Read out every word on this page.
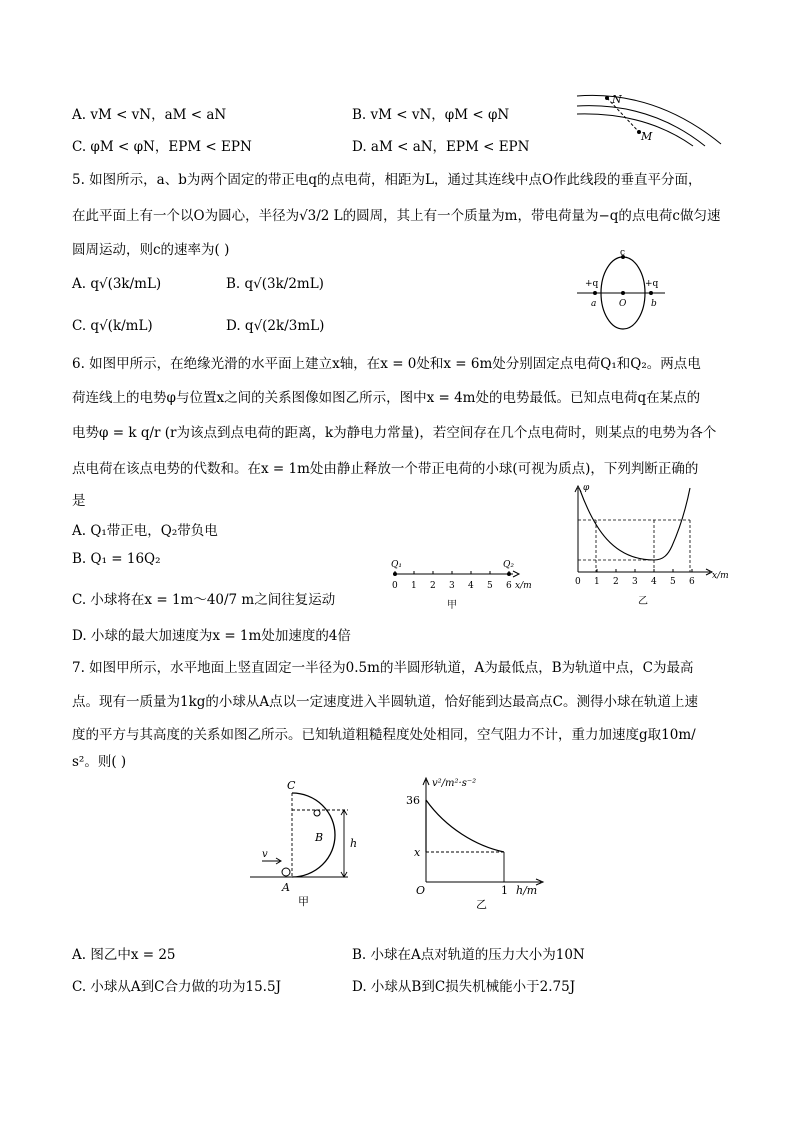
A. vM < vN，aM < aN	B. vM < vN，φM < φN
C. φM < φN，EPM < EPN	D. aM < aN，EPM < EPN
N
M
5. 如图所示，a、b为两个固定的带正电q的点电荷，相距为L，通过其连线中点O作此线段的垂直平分面，
在此平面上有一个以O为圆心，半径为√3/2 L的圆周，其上有一个质量为m，带电荷量为−q的点电荷c做匀速
圆周运动，则c的速率为( )
A. q√(3k/mL)	B. q√(3k/2mL)
C. q√(k/mL)	D. q√(2k/3mL)
c
+q	+q
a	O	b
6. 如图甲所示，在绝缘光滑的水平面上建立x轴，在x = 0处和x = 6m处分别固定点电荷Q₁和Q₂。两点电
荷连线上的电势φ与位置x之间的关系图像如图乙所示，图中x = 4m处的电势最低。已知点电荷q在某点的
电势φ = k q/r (r为该点到点电荷的距离，k为静电力常量)，若空间存在几个点电荷时，则某点的电势为各个
点电荷在该点电势的代数和。在x = 1m处由静止释放一个带正电荷的小球(可视为质点)，下列判断正确的
是
A. Q₁带正电，Q₂带负电
B. Q₁ = 16Q₂
C. 小球将在x = 1m～40/7 m之间往复运动
D. 小球的最大加速度为x = 1m处加速度的4倍
Q₁	Q₂
0 1 2 3 4 5 6 x/m
甲
φ
0 1 2 3 4 5 6
x/m
乙
7. 如图甲所示，水平地面上竖直固定一半径为0.5m的半圆形轨道，A为最低点，B为轨道中点，C为最高
点。现有一质量为1kg的小球从A点以一定速度进入半圆轨道，恰好能到达最高点C。测得小球在轨道上速
度的平方与其高度的关系如图乙所示。已知轨道粗糙程度处处相同，空气阻力不计，重力加速度g取10m/
s²。则( )
v
C
B
A
h
甲
v²/m²·s⁻²
36
x
O	1 h/m
乙
A. 图乙中x = 25	B. 小球在A点对轨道的压力大小为10N
C. 小球从A到C合力做的功为15.5J	D. 小球从B到C损失机械能小于2.75J
